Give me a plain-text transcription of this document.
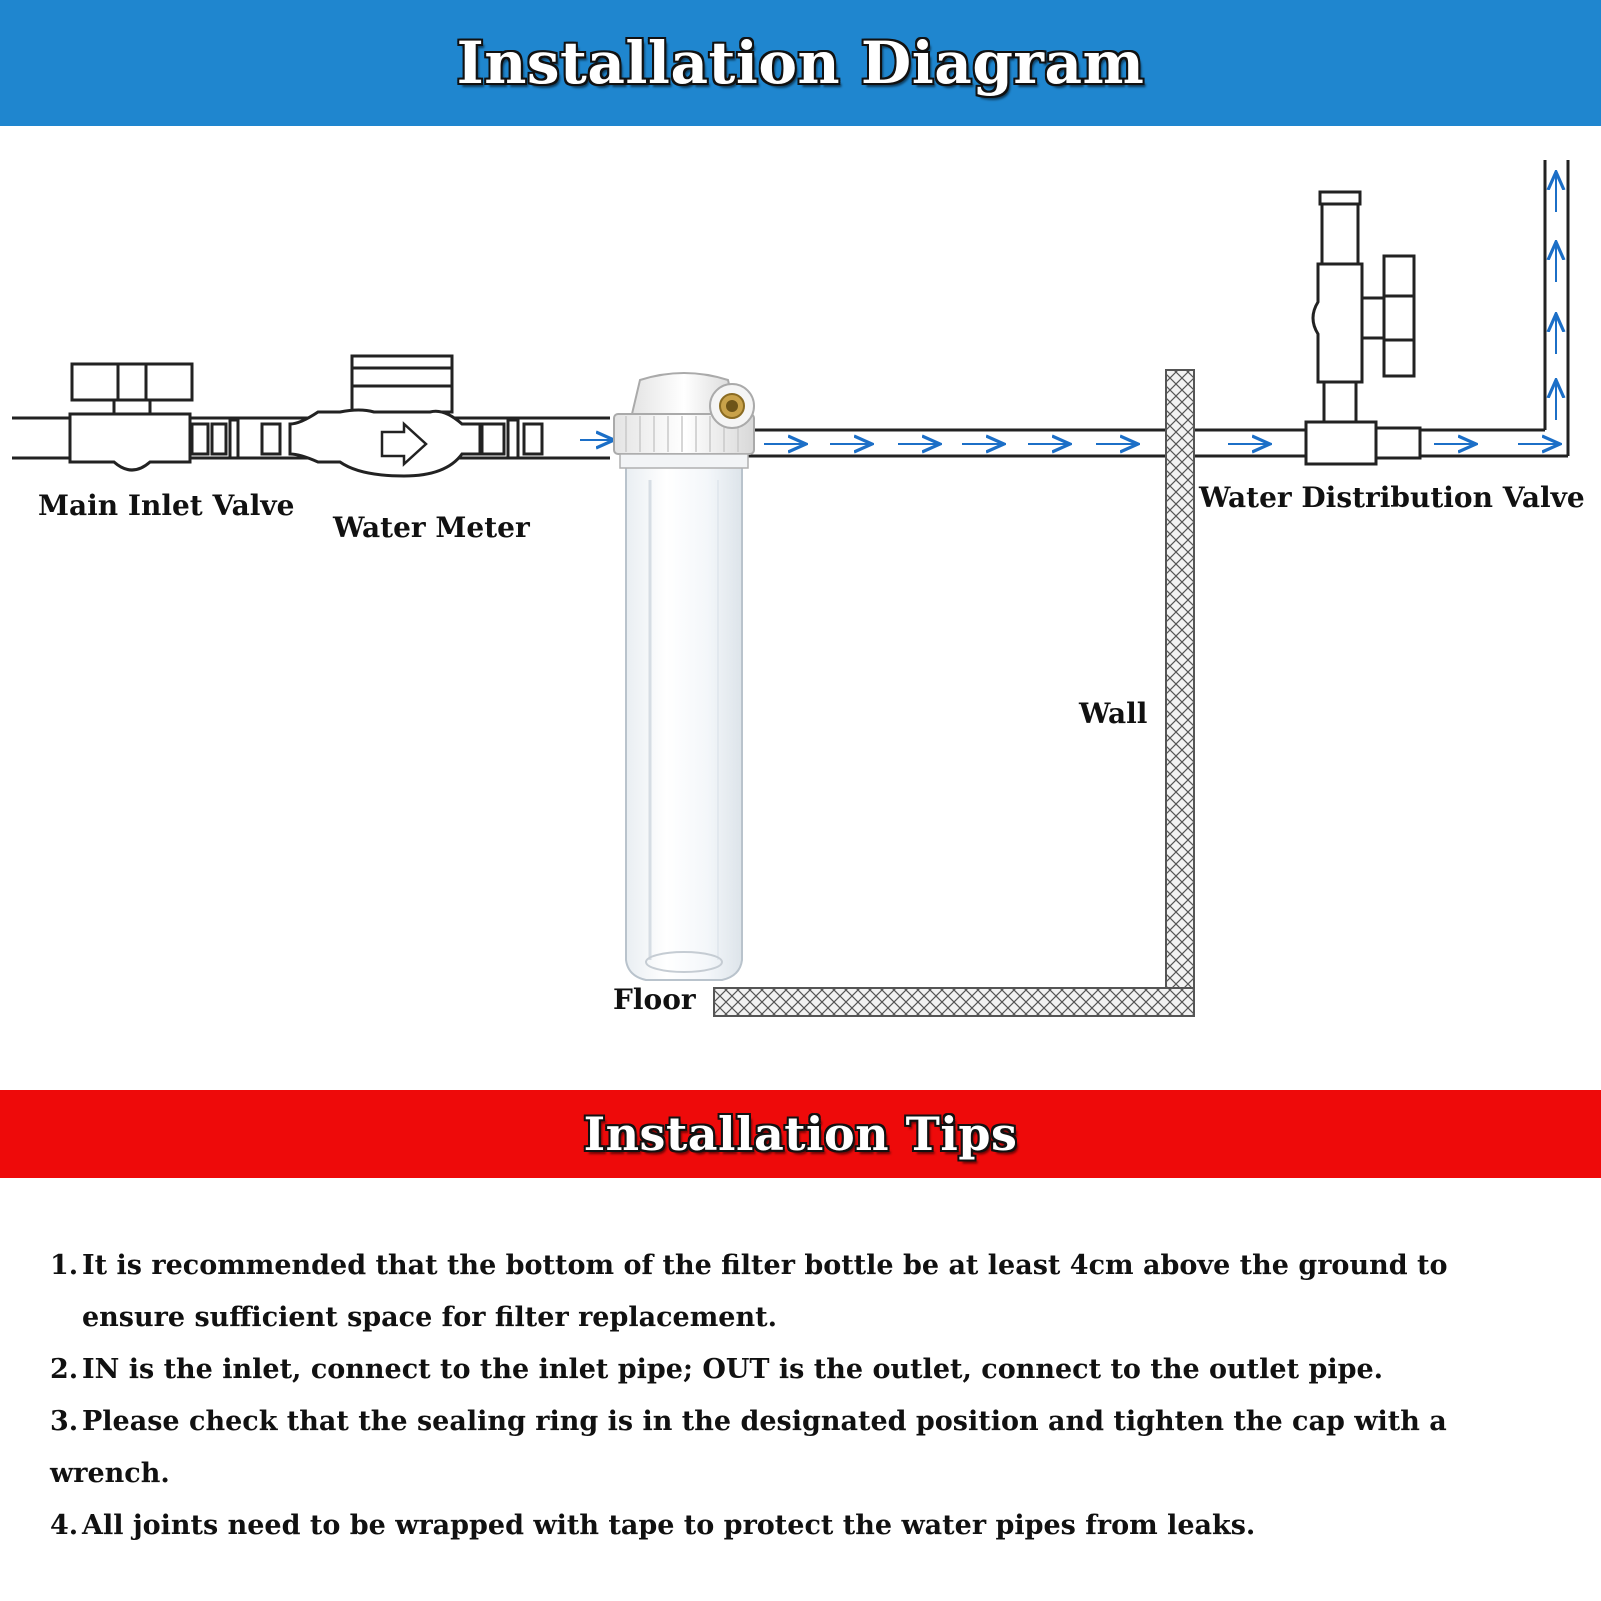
Installation Diagram
Main Inlet Valve
Water Meter
Water Distribution Valve
Wall
Floor
Installation Tips
1. It is recommended that the bottom of the filter bottle be at least 4cm above the ground to
ensure sufficient space for filter replacement.
2. IN is the inlet, connect to the inlet pipe; OUT is the outlet, connect to the outlet pipe.
3. Please check that the sealing ring is in the designated position and tighten the cap with a wrench.
4. All joints need to be wrapped with tape to protect the water pipes from leaks.
